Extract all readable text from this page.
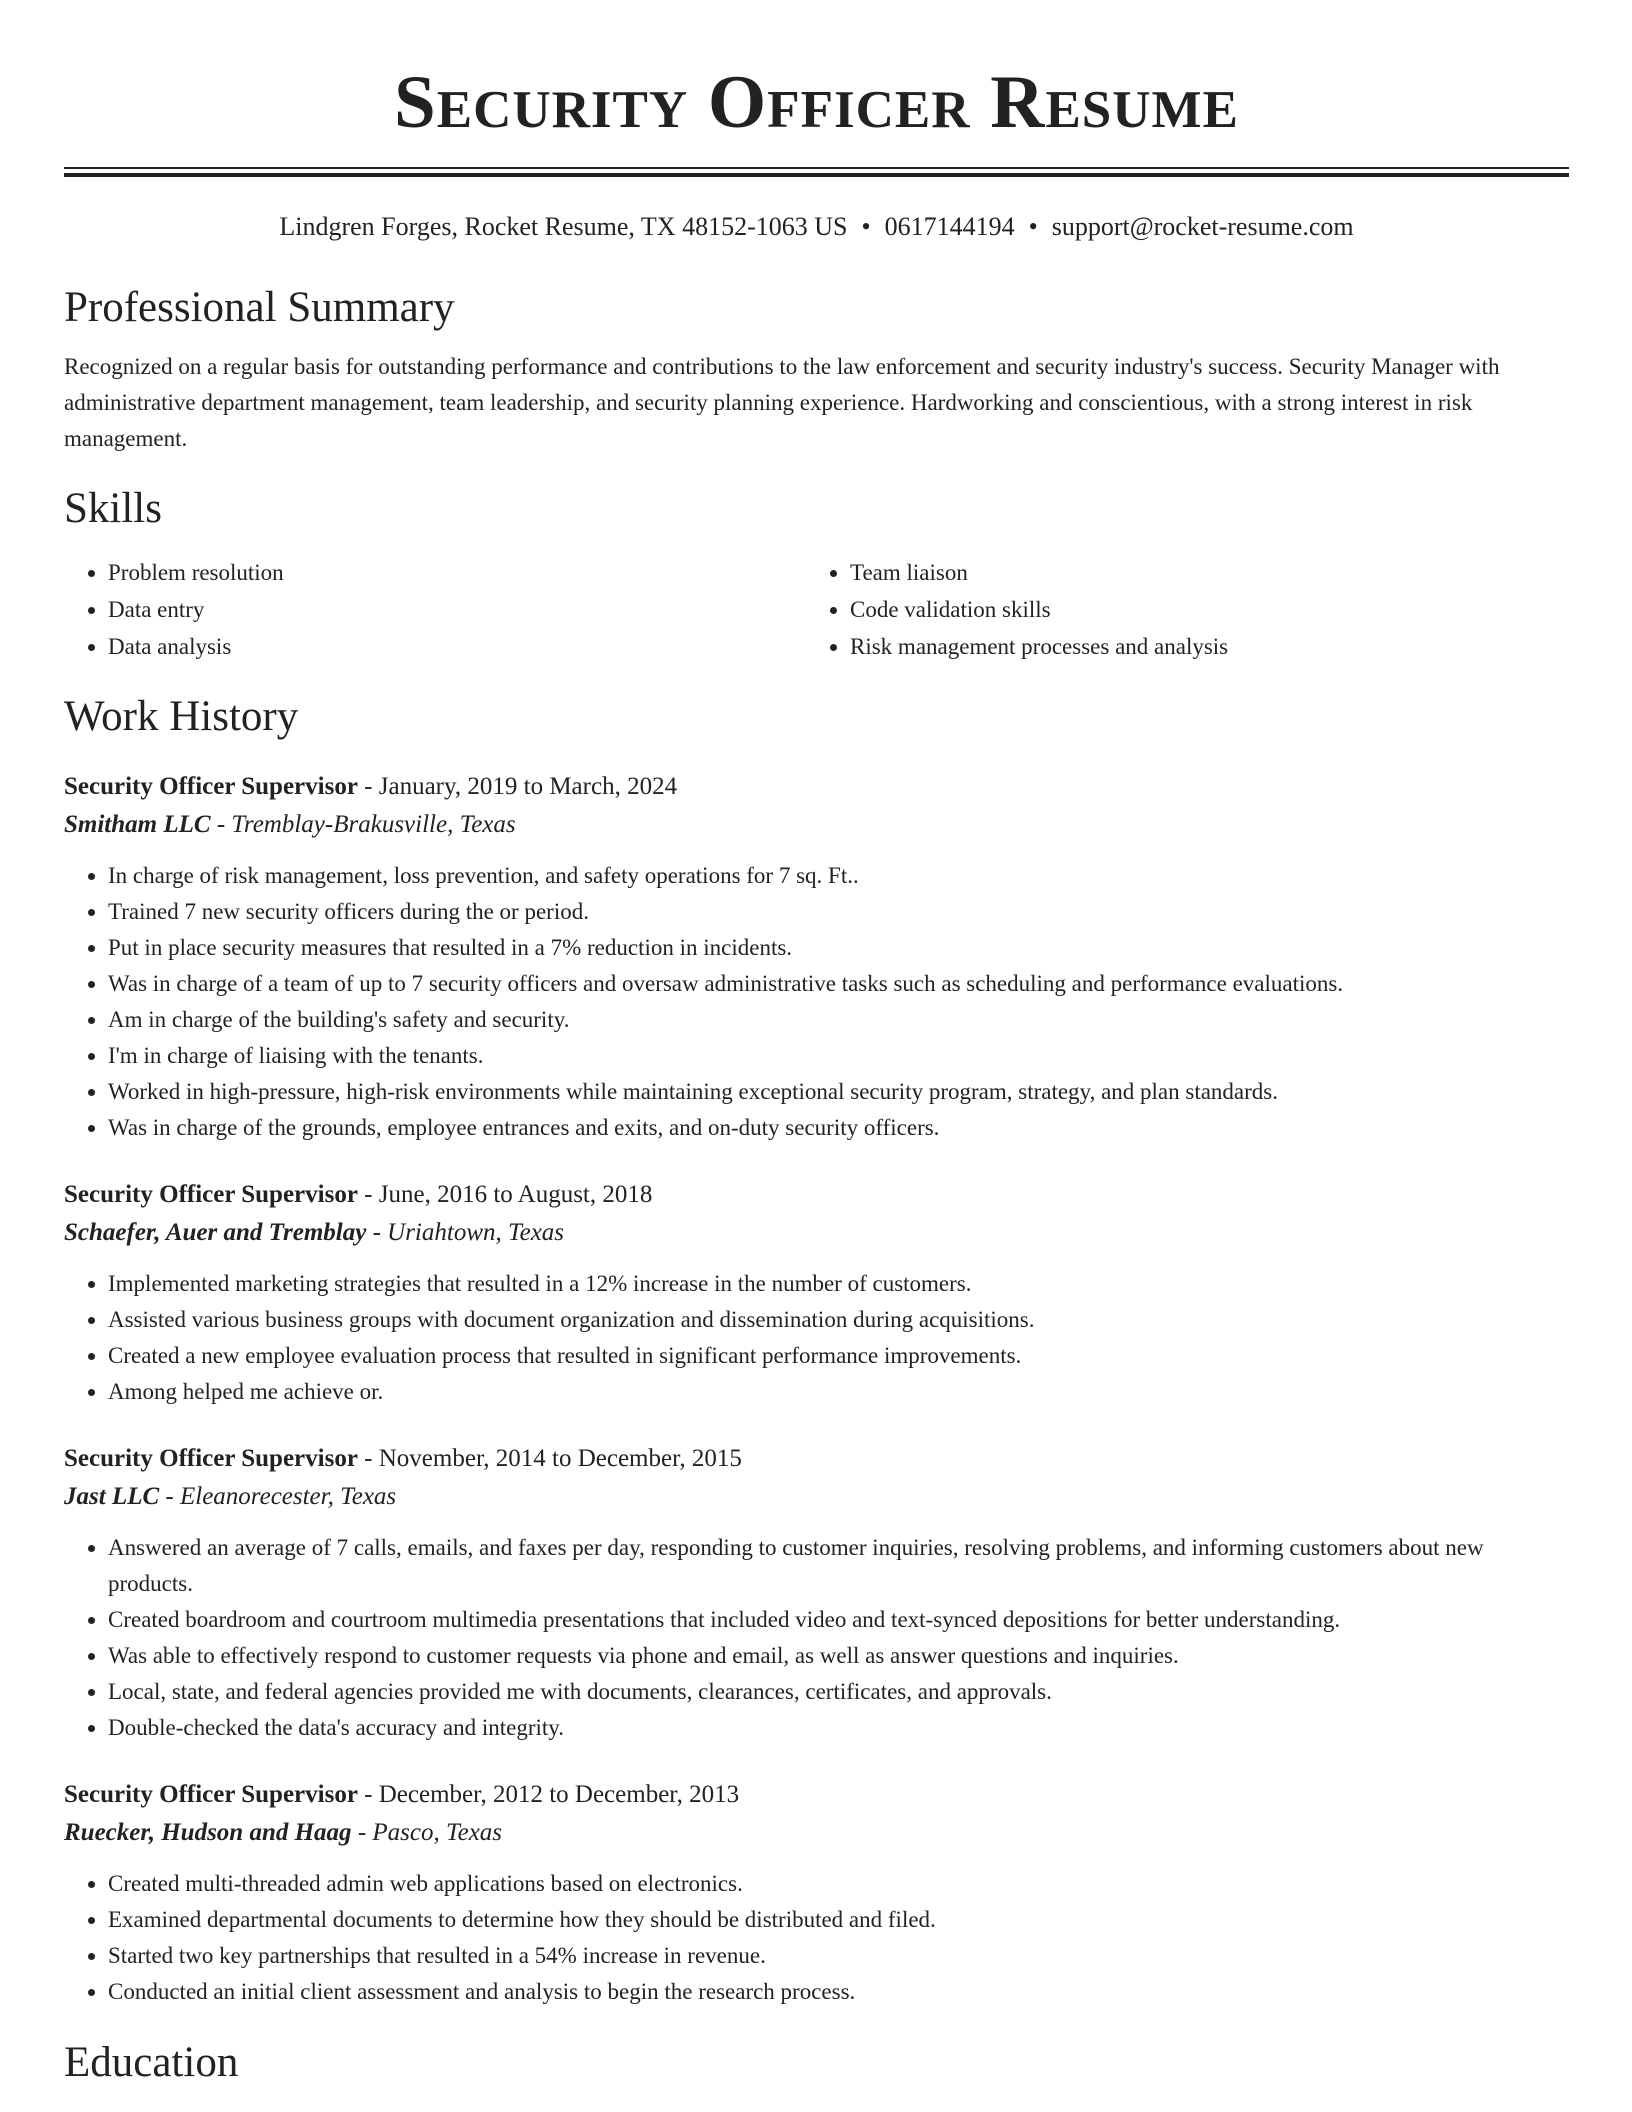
Security Officer Resume
Lindgren Forges, Rocket Resume, TX 48152-1063 US • 0617144194 • support@rocket-resume.com
Professional Summary

Recognized on a regular basis for outstanding performance and contributions to the law enforcement and security industry's success. Security Manager with administrative department management, team leadership, and security planning experience. Hardworking and conscientious, with a strong interest in risk management.

Skills
• Problem resolution
• Data entry
• Data analysis
• Team liaison
• Code validation skills
• Risk management processes and analysis
Work History
Security Officer Supervisor - January, 2019 to March, 2024
Smitham LLC - Tremblay-Brakusville, Texas
• In charge of risk management, loss prevention, and safety operations for 7 sq. Ft..
• Trained 7 new security officers during the or period.
• Put in place security measures that resulted in a 7% reduction in incidents.
• Was in charge of a team of up to 7 security officers and oversaw administrative tasks such as scheduling and performance evaluations.
• Am in charge of the building's safety and security.
• I'm in charge of liaising with the tenants.
• Worked in high-pressure, high-risk environments while maintaining exceptional security program, strategy, and plan standards.
• Was in charge of the grounds, employee entrances and exits, and on-duty security officers.
Security Officer Supervisor - June, 2016 to August, 2018
Schaefer, Auer and Tremblay - Uriahtown, Texas
• Implemented marketing strategies that resulted in a 12% increase in the number of customers.
• Assisted various business groups with document organization and dissemination during acquisitions.
• Created a new employee evaluation process that resulted in significant performance improvements.
• Among helped me achieve or.
Security Officer Supervisor - November, 2014 to December, 2015
Jast LLC - Eleanorecester, Texas
• Answered an average of 7 calls, emails, and faxes per day, responding to customer inquiries, resolving problems, and informing customers about new products.
• Created boardroom and courtroom multimedia presentations that included video and text-synced depositions for better understanding.
• Was able to effectively respond to customer requests via phone and email, as well as answer questions and inquiries.
• Local, state, and federal agencies provided me with documents, clearances, certificates, and approvals.
• Double-checked the data's accuracy and integrity.
Security Officer Supervisor - December, 2012 to December, 2013
Ruecker, Hudson and Haag - Pasco, Texas
• Created multi-threaded admin web applications based on electronics.
• Examined departmental documents to determine how they should be distributed and filed.
• Started two key partnerships that resulted in a 54% increase in revenue.
• Conducted an initial client assessment and analysis to begin the research process.
Education
